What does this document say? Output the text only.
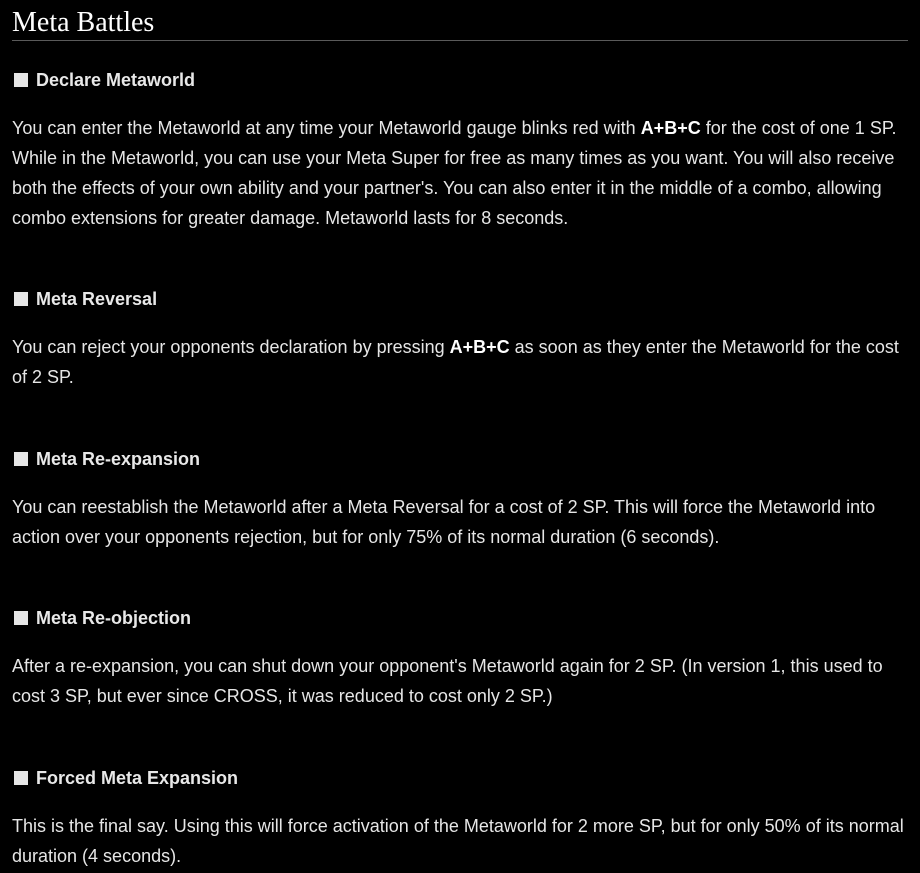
Meta Battles
Declare Metaworld
You can enter the Metaworld at any time your Metaworld gauge blinks red with A+B+C for the cost of one 1 SP. While in the Metaworld, you can use your Meta Super for free as many times as you want. You will also receive both the effects of your own ability and your partner's. You can also enter it in the middle of a combo, allowing combo extensions for greater damage. Metaworld lasts for 8 seconds.
Meta Reversal
You can reject your opponents declaration by pressing A+B+C as soon as they enter the Metaworld for the cost of 2 SP.
Meta Re-expansion
You can reestablish the Metaworld after a Meta Reversal for a cost of 2 SP. This will force the Metaworld into action over your opponents rejection, but for only 75% of its normal duration (6 seconds).
Meta Re-objection
After a re-expansion, you can shut down your opponent's Metaworld again for 2 SP. (In version 1, this used to cost 3 SP, but ever since CROSS, it was reduced to cost only 2 SP.)
Forced Meta Expansion
This is the final say. Using this will force activation of the Metaworld for 2 more SP, but for only 50% of its normal duration (4 seconds).
